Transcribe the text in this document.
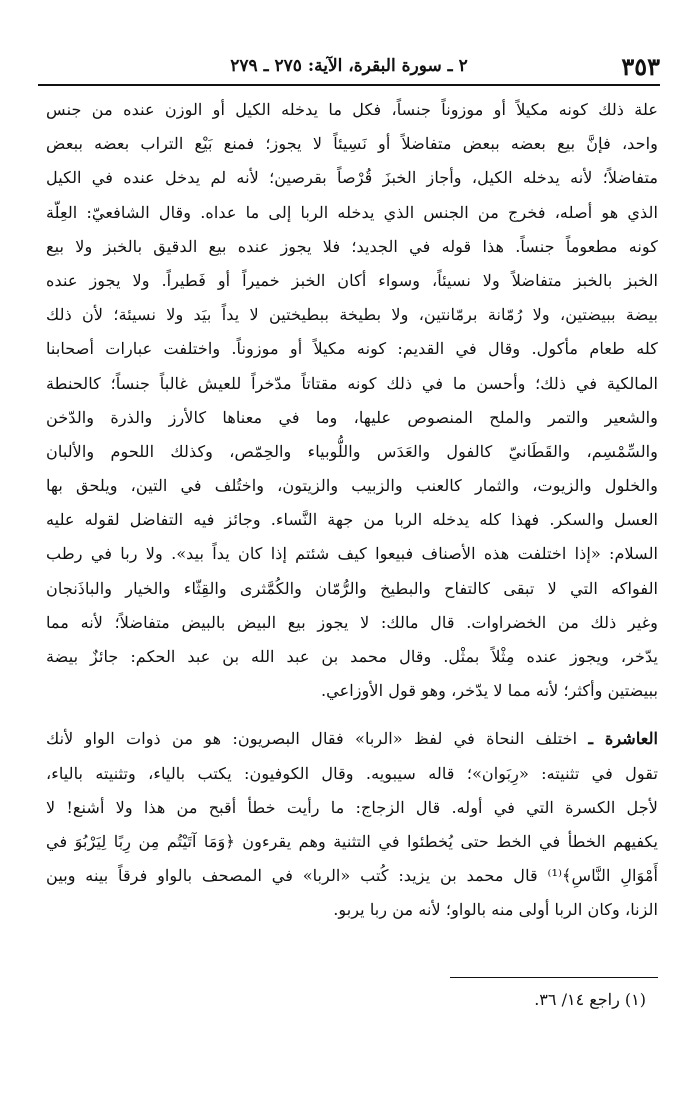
٣٥٣
٢ ـ سورة البقرة، الآية: ٢٧٥ ـ ٢٧٩
علة ذلك كونه مكيلاً أو موزوناً جنساً، فكل ما يدخله الكيل أو الوزن عنده من جنس
واحد، فإنَّ بيع بعضه ببعض متفاضلاً أو نَسِيئاً لا يجوز؛ فمنع بَيْع التراب بعضه ببعض
متفاضلاً؛ لأنه يدخله الكيل، وأجاز الخبزَ قُرْصاً بقرصين؛ لأنه لم يدخل عنده في الكيل
الذي هو أصله، فخرج من الجنس الذي يدخله الربا إلى ما عداه. وقال الشافعيّ: العِلّة
كونه مطعوماً جنساً. هذا قوله في الجديد؛ فلا يجوز عنده بيع الدقيق بالخبز ولا بيع
الخبز بالخبز متفاضلاً ولا نسيئاً، وسواء أكان الخبز خميراً أو فَطيراً. ولا يجوز عنده
بيضة ببيضتين، ولا رُمّانة برمّانتين، ولا بطيخة ببطيختين لا يداً بيَد ولا نسيئة؛ لأن ذلك
كله طعام مأكول. وقال في القديم: كونه مكيلاً أو موزوناً. واختلفت عبارات أصحابنا
المالكية في ذلك؛ وأحسن ما في ذلك كونه مقتاتاً مدّخراً للعيش غالباً جنساً؛ كالحنطة
والشعير والتمر والملح المنصوص عليها، وما في معناها كالأرز والذرة والدّخن
والسِّمْسِم، والقَطَانيّ كالفول والعَدَس واللُّوبياء والحِمّص، وكذلك اللحوم والألبان
والخلول والزيوت، والثمار كالعنب والزبيب والزيتون، واختُلف في التين، ويلحق بها
العسل والسكر. فهذا كله يدخله الربا من جهة النَّساء. وجائز فيه التفاضل لقوله عليه
السلام: «إذا اختلفت هذه الأصناف فبيعوا كيف شئتم إذا كان يداً بيد». ولا ربا في رطب
الفواكه التي لا تبقى كالتفاح والبطيخ والرُّمّان والكُمَّثرى والقِثّاء والخيار والباذَنجان
وغير ذلك من الخضراوات. قال مالك: لا يجوز بيع البيض بالبيض متفاضلاً؛ لأنه مما
يدّخر، ويجوز عنده مِثْلاً بمثْل. وقال محمد بن عبد الله بن عبد الحكم: جائزٌ بيضة
ببيضتين وأكثر؛ لأنه مما لا يدّخر، وهو قول الأوزاعي.
العاشرة ـ اختلف النحاة في لفظ «الربا» فقال البصريون: هو من ذوات الواو لأنك
تقول في تثنيته: «رِبَوان»؛ قاله سيبويه. وقال الكوفيون: يكتب بالياء، وتثنيته بالياء،
لأجل الكسرة التي في أوله. قال الزجاج: ما رأيت خطأ أقبح من هذا ولا أشنع! لا
يكفيهم الخطأ في الخط حتى يُخطئوا في التثنية وهم يقرءون ﴿وَمَا آتَيْتُم مِن رِبًا لِيَرْبُوَ في
أَمْوَالِ النَّاسِ﴾⁽¹⁾ قال محمد بن يزيد: كُتب «الربا» في المصحف بالواو فرقاً بينه وبين
الزنا، وكان الربا أولى منه بالواو؛ لأنه من ربا يربو.
(١) راجع ١٤/ ٣٦.
